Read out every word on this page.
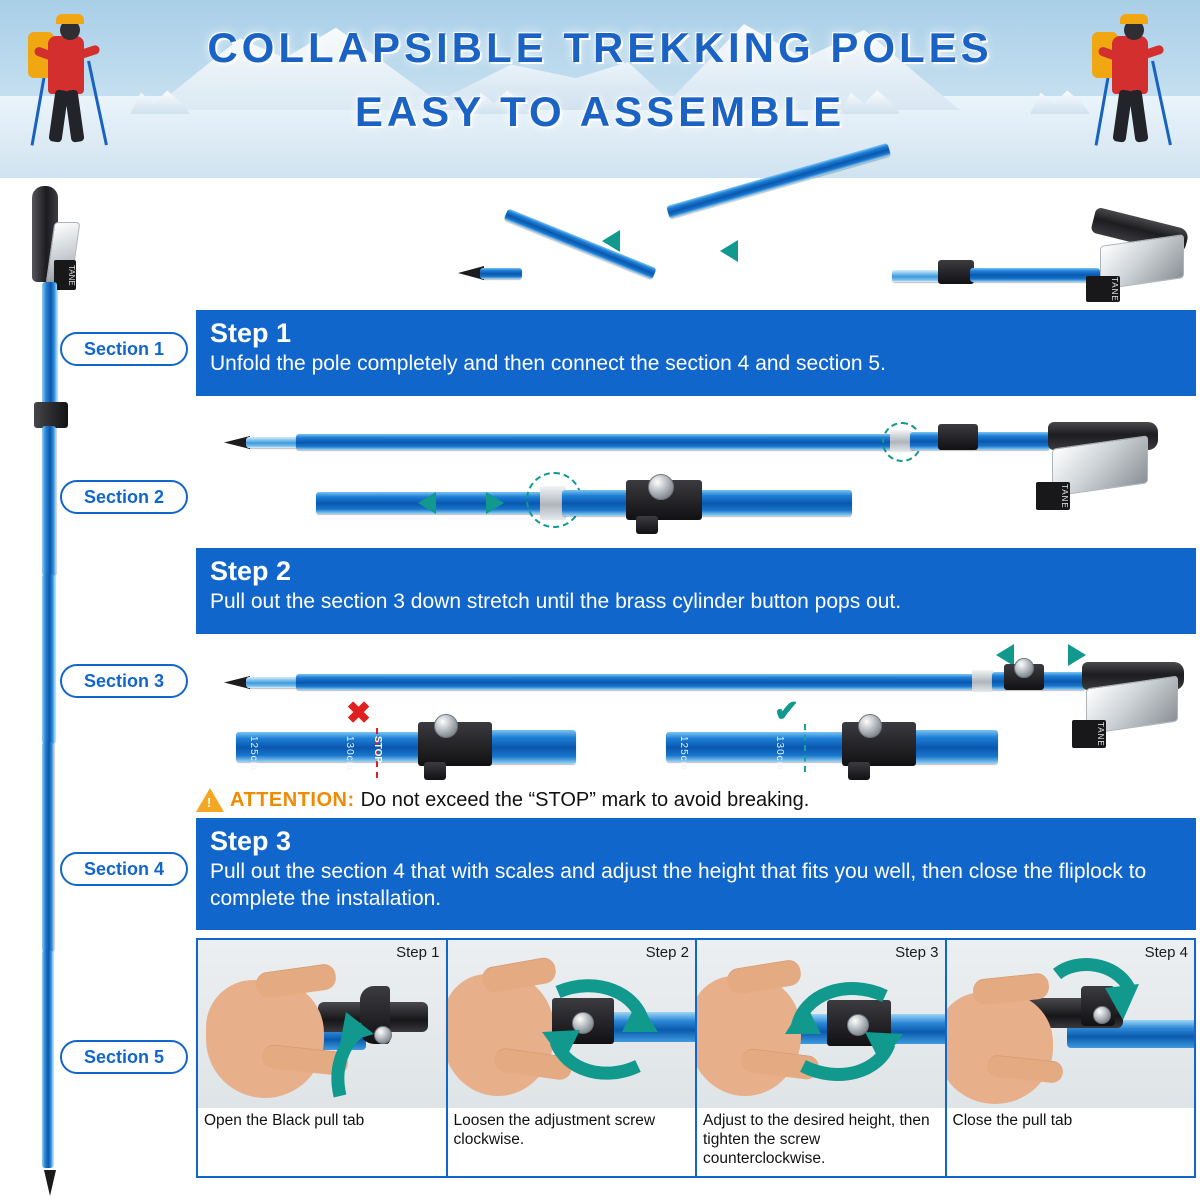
COLLAPSIBLE TREKKING POLES
EASY TO ASSEMBLE
TANE
TANE
Section 1
Section 2
Section 3
Section 4
Section 5
Step 1
Unfold the pole completely and then connect the section 4 and section 5.
TANE
Step 2
Pull out the section 3 down stretch until the brass cylinder button pops out.
TANE
✖
125cm	130cm STOP
✔
125cm	130cm
!
ATTENTION: Do not exceed the “STOP” mark to avoid breaking.
Step 3
Pull out the section 4 that with scales and adjust the height that fits you well, then close the fliplock to complete the installation.
Step 1
Open the Black pull tab
Step 2
Loosen the adjustment screw clockwise.
Step 3
Adjust to the desired height, then tighten the screw counterclockwise.
Step 4
Close the pull tab
